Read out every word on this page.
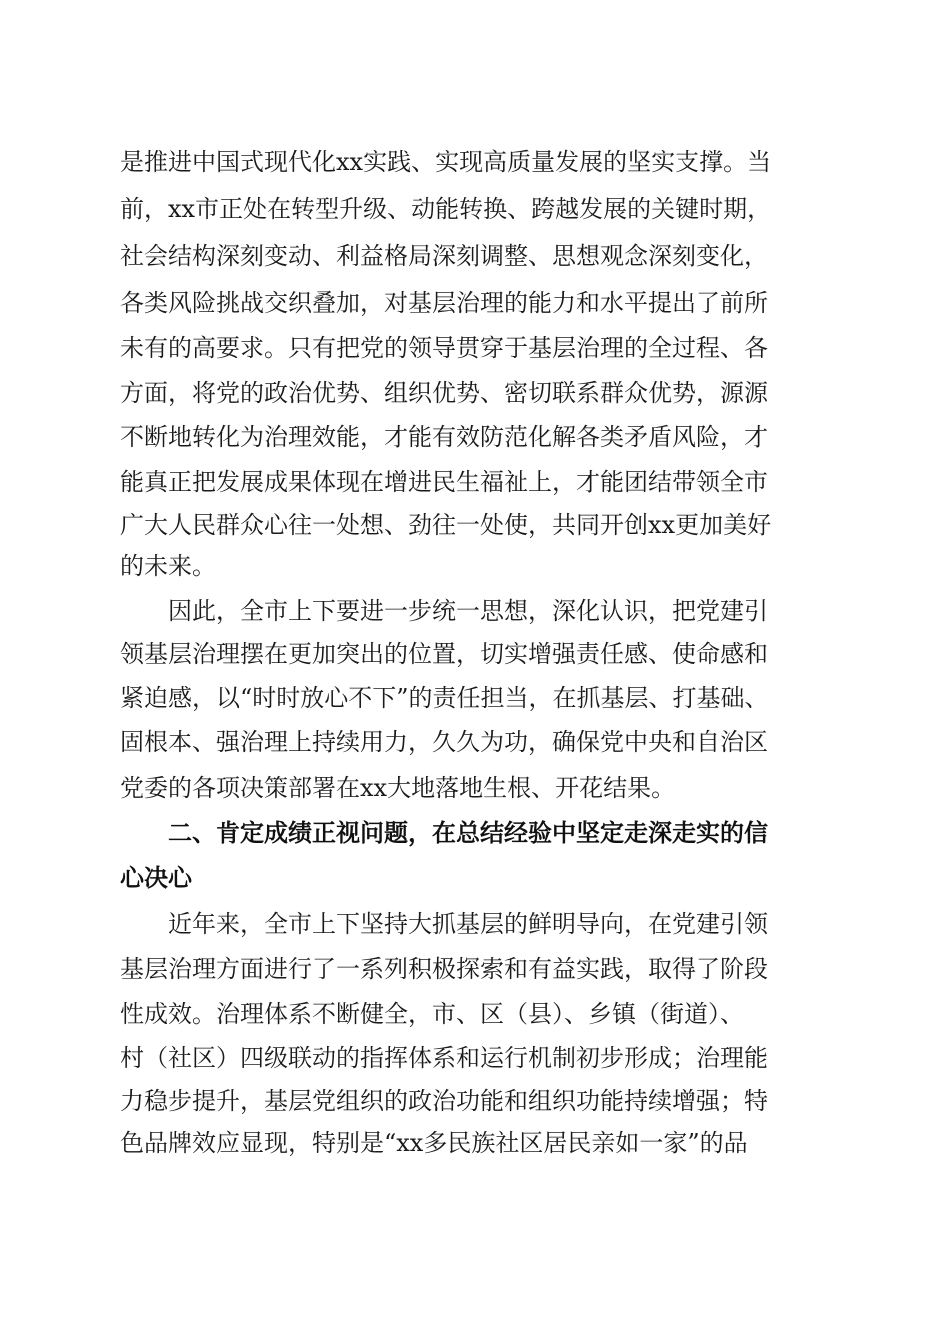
是推进中国式现代化xx实践、实现高质量发展的坚实支撑。当
前，xx市正处在转型升级、动能转换、跨越发展的关键时期，
社会结构深刻变动、利益格局深刻调整、思想观念深刻变化，
各类风险挑战交织叠加，对基层治理的能力和水平提出了前所
未有的高要求。只有把党的领导贯穿于基层治理的全过程、各
方面，将党的政治优势、组织优势、密切联系群众优势，源源
不断地转化为治理效能，才能有效防范化解各类矛盾风险，才
能真正把发展成果体现在增进民生福祉上，才能团结带领全市
广大人民群众心往一处想、劲往一处使，共同开创xx更加美好
的未来。
因此，全市上下要进一步统一思想，深化认识，把党建引
领基层治理摆在更加突出的位置，切实增强责任感、使命感和
紧迫感，以“时时放心不下”的责任担当，在抓基层、打基础、
固根本、强治理上持续用力，久久为功，确保党中央和自治区
党委的各项决策部署在xx大地落地生根、开花结果。
二、肯定成绩正视问题，在总结经验中坚定走深走实的信
心决心
近年来，全市上下坚持大抓基层的鲜明导向，在党建引领
基层治理方面进行了一系列积极探索和有益实践，取得了阶段
性成效。治理体系不断健全，市、区（县）、乡镇（街道）、
村（社区）四级联动的指挥体系和运行机制初步形成；治理能
力稳步提升，基层党组织的政治功能和组织功能持续增强；特
色品牌效应显现，特别是“xx多民族社区居民亲如一家”的品
